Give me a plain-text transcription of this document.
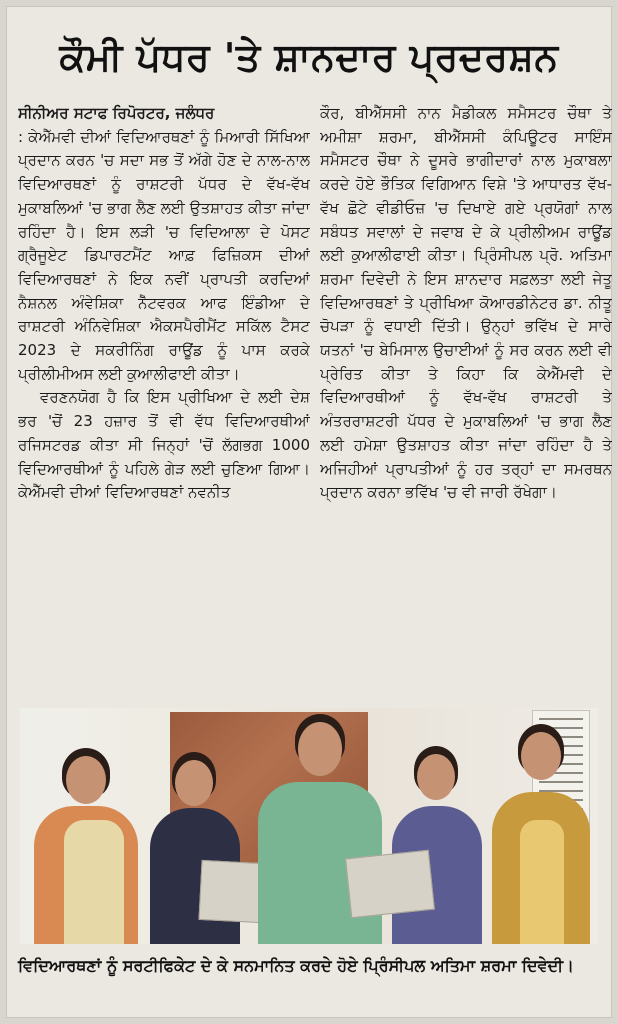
ਕੌਮੀ ਪੱਧਰ 'ਤੇ ਸ਼ਾਨਦਾਰ ਪ੍ਰਦਰਸ਼ਨ

ਸੀਨੀਅਰ ਸਟਾਫ ਰਿਪੋਰਟਰ, ਜਲੰਧਰ
: ਕੇਐੱਮਵੀ ਦੀਆਂ ਵਿਦਿਆਰਥਣਾਂ ਨੂੰ ਮਿਆਰੀ ਸਿੱਖਿਆ ਪ੍ਰਦਾਨ ਕਰਨ 'ਚ ਸਦਾ ਸਭ ਤੋਂ ਅੱਗੇ ਹੋਣ ਦੇ ਨਾਲ-ਨਾਲ ਵਿਦਿਆਰਥਣਾਂ ਨੂੰ ਰਾਸ਼ਟਰੀ ਪੱਧਰ ਦੇ ਵੱਖ-ਵੱਖ ਮੁਕਾਬਲਿਆਂ 'ਚ ਭਾਗ ਲੈਣ ਲਈ ਉਤਸ਼ਾਹਤ ਕੀਤਾ ਜਾਂਦਾ ਰਹਿੰਦਾ ਹੈ। ਇਸ ਲੜੀ 'ਚ ਵਿਦਿਆਲਾ ਦੇ ਪੋਸਟ ਗ੍ਰੈਜੂਏਟ ਡਿਪਾਰਟਮੈਂਟ ਆਫ਼ ਫਿਜ਼ਿਕਸ ਦੀਆਂ ਵਿਦਿਆਰਥਣਾਂ ਨੇ ਇਕ ਨਵੀਂ ਪ੍ਰਾਪਤੀ ਕਰਦਿਆਂ ਨੈਸ਼ਨਲ ਅੰਵੇਸ਼ਿਕਾ ਨੈੱਟਵਰਕ ਆਫ ਇੰਡੀਆ ਦੇ ਰਾਸ਼ਟਰੀ ਅੰਨਿਵੇਸ਼ਿਕਾ ਐਕਸਪੈਰੀਮੈਂਟ ਸਕਿੱਲ ਟੈਸਟ 2023 ਦੇ ਸਕਰੀਨਿੰਗ ਰਾਊਂਡ ਨੂੰ ਪਾਸ ਕਰਕੇ ਪ੍ਰੀਲੀਮੀਅਸ ਲਈ ਕੁਆਲੀਫਾਈ ਕੀਤਾ।

ਵਰਣਨਯੋਗ ਹੈ ਕਿ ਇਸ ਪ੍ਰੀਖਿਆ ਦੇ ਲਈ ਦੇਸ਼ ਭਰ 'ਚੋਂ 23 ਹਜ਼ਾਰ ਤੋਂ ਵੀ ਵੱਧ ਵਿਦਿਆਰਥੀਆਂ ਰਜਿਸਟਰਡ ਕੀਤਾ ਸੀ ਜਿਨ੍ਹਾਂ 'ਚੋਂ ਲੱਗਭਗ 1000 ਵਿਦਿਆਰਥੀਆਂ ਨੂੰ ਪਹਿਲੇ ਗੇੜ ਲਈ ਚੁਣਿਆ ਗਿਆ। ਕੇਐੱਮਵੀ ਦੀਆਂ ਵਿਦਿਆਰਥਣਾਂ ਨਵਨੀਤ

ਕੌਰ, ਬੀਐੱਸਸੀ ਨਾਨ ਮੈਡੀਕਲ ਸਮੈਸਟਰ ਚੌਥਾ ਤੇ ਅਮੀਸ਼ਾ ਸ਼ਰਮਾ, ਬੀਐੱਸਸੀ ਕੰਪਿਊਟਰ ਸਾਇੰਸ ਸਮੈਸਟਰ ਚੌਥਾ ਨੇ ਦੂਸਰੇ ਭਾਗੀਦਾਰਾਂ ਨਾਲ ਮੁਕਾਬਲਾ ਕਰਦੇ ਹੋਏ ਭੌਤਿਕ ਵਿਗਿਆਨ ਵਿਸ਼ੇ 'ਤੇ ਆਧਾਰਤ ਵੱਖ-ਵੱਖ ਛੋਟੇ ਵੀਡੀਓਜ਼ 'ਚ ਦਿਖਾਏ ਗਏ ਪ੍ਰਯੋਗਾਂ ਨਾਲ ਸਬੰਧਤ ਸਵਾਲਾਂ ਦੇ ਜਵਾਬ ਦੇ ਕੇ ਪ੍ਰੀਲੀਅਮ ਰਾਊਂਡ ਲਈ ਕੁਆਲੀਫਾਈ ਕੀਤਾ। ਪ੍ਰਿੰਸੀਪਲ ਪ੍ਰੋ. ਅਤਿਮਾ ਸ਼ਰਮਾ ਦਿਵੇਦੀ ਨੇ ਇਸ ਸ਼ਾਨਦਾਰ ਸਫ਼ਲਤਾ ਲਈ ਜੇਤੂ ਵਿਦਿਆਰਥਣਾਂ ਤੇ ਪ੍ਰੀਖਿਆ ਕੋਆਰਡੀਨੇਟਰ ਡਾ. ਨੀਤੂ ਚੋਪੜਾ ਨੂੰ ਵਧਾਈ ਦਿੱਤੀ। ਉਨ੍ਹਾਂ ਭਵਿੱਖ ਦੇ ਸਾਰੇ ਯਤਨਾਂ 'ਚ ਬੇਮਿਸਾਲ ਉਚਾਈਆਂ ਨੂੰ ਸਰ ਕਰਨ ਲਈ ਵੀ ਪ੍ਰੇਰਿਤ ਕੀਤਾ ਤੇ ਕਿਹਾ ਕਿ ਕੇਐੱਮਵੀ ਦੇ ਵਿਦਿਆਰਥੀਆਂ ਨੂੰ ਵੱਖ-ਵੱਖ ਰਾਸ਼ਟਰੀ ਤੇ ਅੰਤਰਰਾਸ਼ਟਰੀ ਪੱਧਰ ਦੇ ਮੁਕਾਬਲਿਆਂ 'ਚ ਭਾਗ ਲੈਣ ਲਈ ਹਮੇਸ਼ਾ ਉਤਸ਼ਾਹਤ ਕੀਤਾ ਜਾਂਦਾ ਰਹਿੰਦਾ ਹੈ ਤੇ ਅਜਿਹੀਆਂ ਪ੍ਰਾਪਤੀਆਂ ਨੂੰ ਹਰ ਤਰ੍ਹਾਂ ਦਾ ਸਮਰਥਨ ਪ੍ਰਦਾਨ ਕਰਨਾ ਭਵਿੱਖ 'ਚ ਵੀ ਜਾਰੀ ਰੱਖੇਗਾ।

ਵਿਦਿਆਰਥਣਾਂ ਨੂੰ ਸਰਟੀਫਿਕੇਟ ਦੇ ਕੇ ਸਨਮਾਨਿਤ ਕਰਦੇ ਹੋਏ ਪ੍ਰਿੰਸੀਪਲ ਅਤਿਮਾ ਸ਼ਰਮਾ ਦਿਵੇਦੀ।
